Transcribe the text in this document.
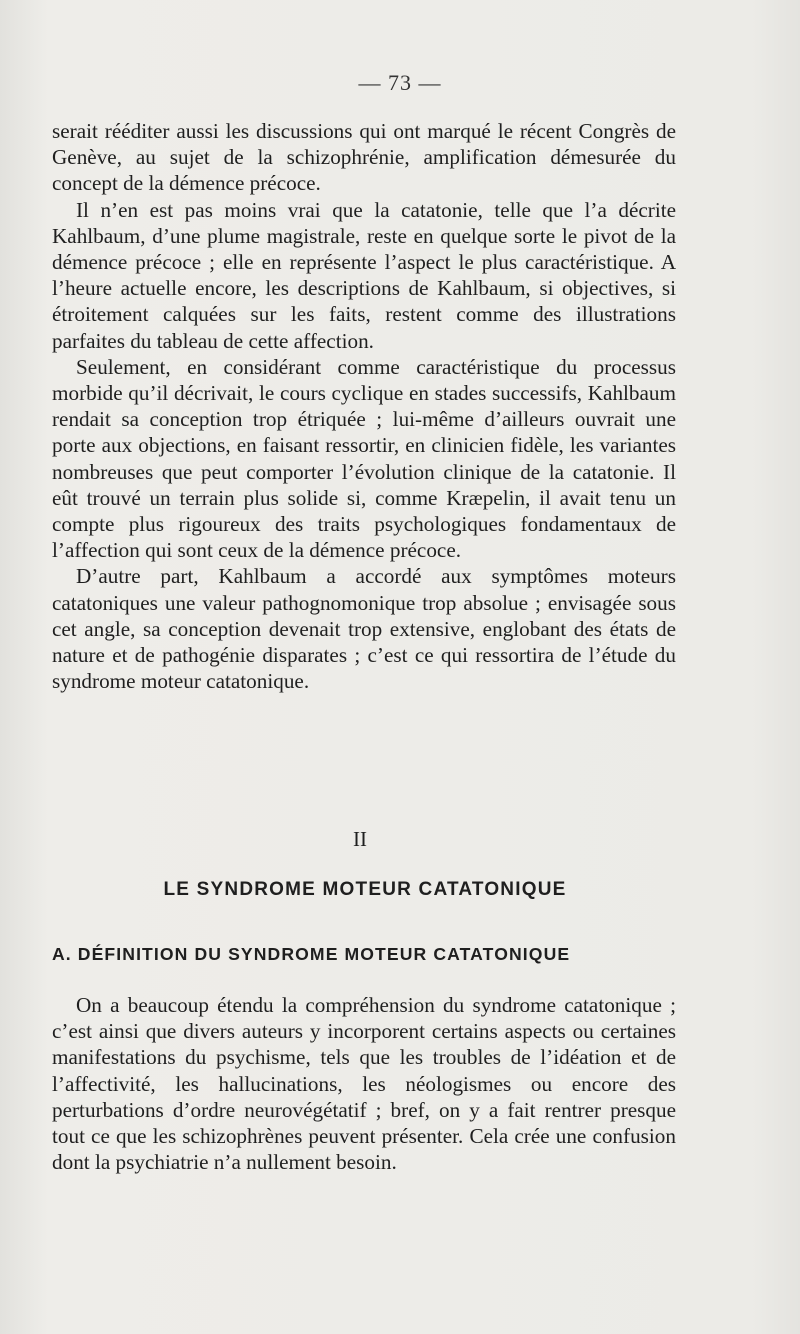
— 73 —

serait rééditer aussi les discussions qui ont marqué le récent Congrès de Genève, au sujet de la schizophrénie, amplification démesurée du concept de la démence précoce.

Il n’en est pas moins vrai que la catatonie, telle que l’a décrite Kahlbaum, d’une plume magistrale, reste en quelque sorte le pivot de la démence précoce ; elle en représente l’aspect le plus caractéristique. A l’heure actuelle encore, les descriptions de Kahlbaum, si objectives, si étroitement calquées sur les faits, restent comme des illustrations parfaites du tableau de cette affection.

Seulement, en considérant comme caractéristique du processus morbide qu’il décrivait, le cours cyclique en stades successifs, Kahlbaum rendait sa conception trop étriquée ; lui-même d’ailleurs ouvrait une porte aux objections, en faisant ressortir, en clinicien fidèle, les variantes nombreuses que peut comporter l’évolution clinique de la catatonie. Il eût trouvé un terrain plus solide si, comme Kræpelin, il avait tenu un compte plus rigoureux des traits psychologiques fondamentaux de l’affection qui sont ceux de la démence précoce.

D’autre part, Kahlbaum a accordé aux symptômes moteurs catatoniques une valeur pathognomonique trop absolue ; envisagée sous cet angle, sa conception devenait trop extensive, englobant des états de nature et de pathogénie disparates ; c’est ce qui ressortira de l’étude du syndrome moteur catatonique.

II
LE SYNDROME MOTEUR CATATONIQUE
A. DÉFINITION DU SYNDROME MOTEUR CATATONIQUE

On a beaucoup étendu la compréhension du syndrome catatonique ; c’est ainsi que divers auteurs y incorporent certains aspects ou certaines manifestations du psychisme, tels que les troubles de l’idéation et de l’affectivité, les hallucinations, les néologismes ou encore des perturbations d’ordre neurovégétatif ; bref, on y a fait rentrer presque tout ce que les schizophrènes peuvent présenter. Cela crée une confusion dont la psychiatrie n’a nullement besoin.
